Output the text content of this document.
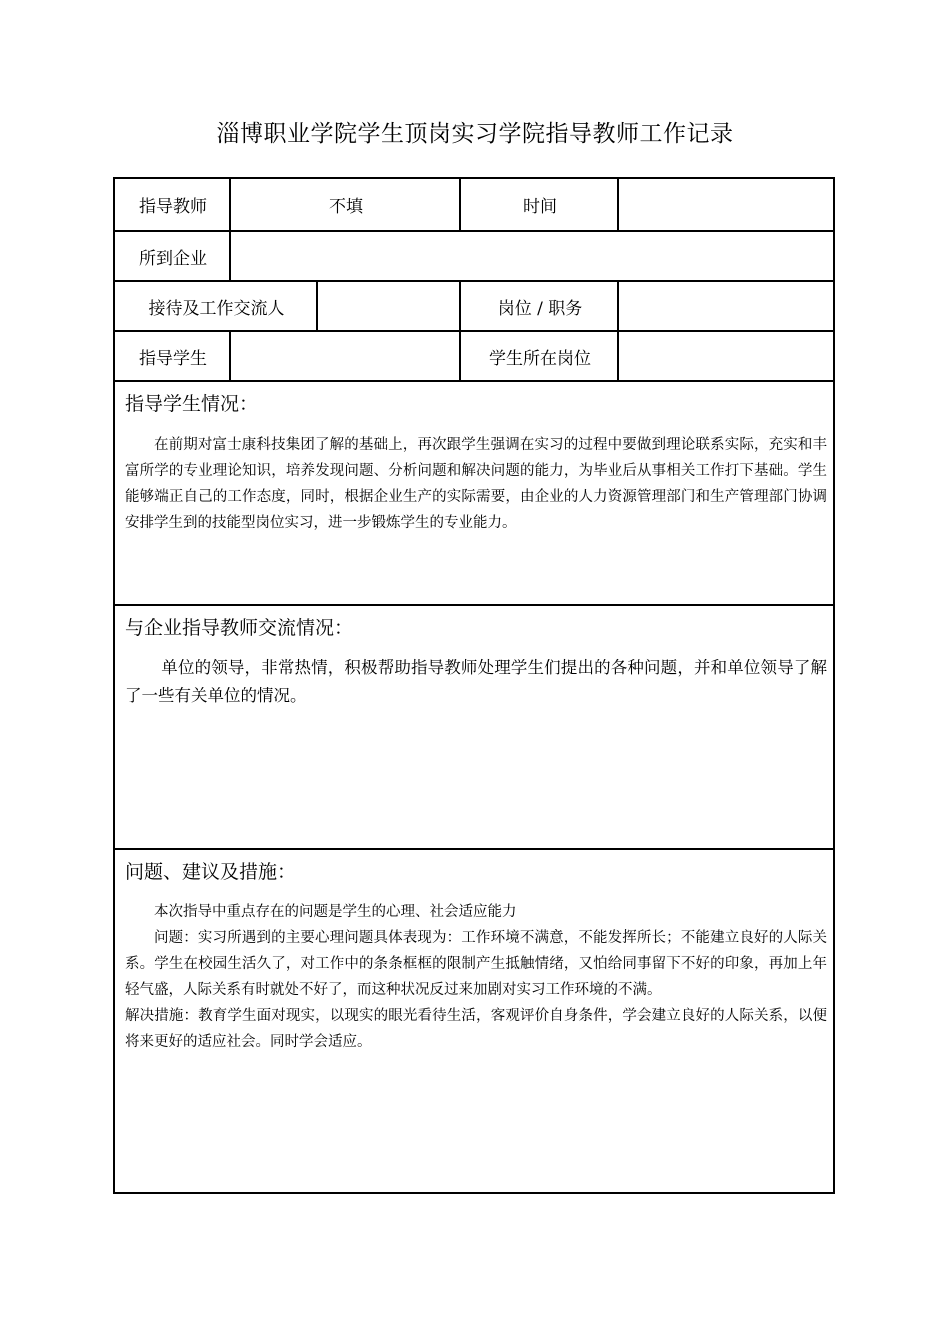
淄博职业学院学生顶岗实习学院指导教师工作记录
指导教师	不填	时间
所到企业
接待及工作交流人	岗位 / 职务
指导学生	学生所在岗位
指导学生情况：

在前期对富士康科技集团了解的基础上，再次跟学生强调在实习的过程中要做到理论联系实际，充实和丰富所学的专业理论知识，培养发现问题、分析问题和解决问题的能力，为毕业后从事相关工作打下基础。学生能够端正自己的工作态度，同时，根据企业生产的实际需要，由企业的人力资源管理部门和生产管理部门协调安排学生到的技能型岗位实习，进一步锻炼学生的专业能力。

与企业指导教师交流情况：

单位的领导，非常热情，积极帮助指导教师处理学生们提出的各种问题，并和单位领导了解了一些有关单位的情况。

问题、建议及措施：

本次指导中重点存在的问题是学生的心理、社会适应能力

问题：实习所遇到的主要心理问题具体表现为：工作环境不满意，不能发挥所长；不能建立良好的人际关系。学生在校园生活久了，对工作中的条条框框的限制产生抵触情绪，又怕给同事留下不好的印象，再加上年轻气盛，人际关系有时就处不好了，而这种状况反过来加剧对实习工作环境的不满。

解决措施：教育学生面对现实，以现实的眼光看待生活，客观评价自身条件，学会建立良好的人际关系，以便将来更好的适应社会。同时学会适应。
